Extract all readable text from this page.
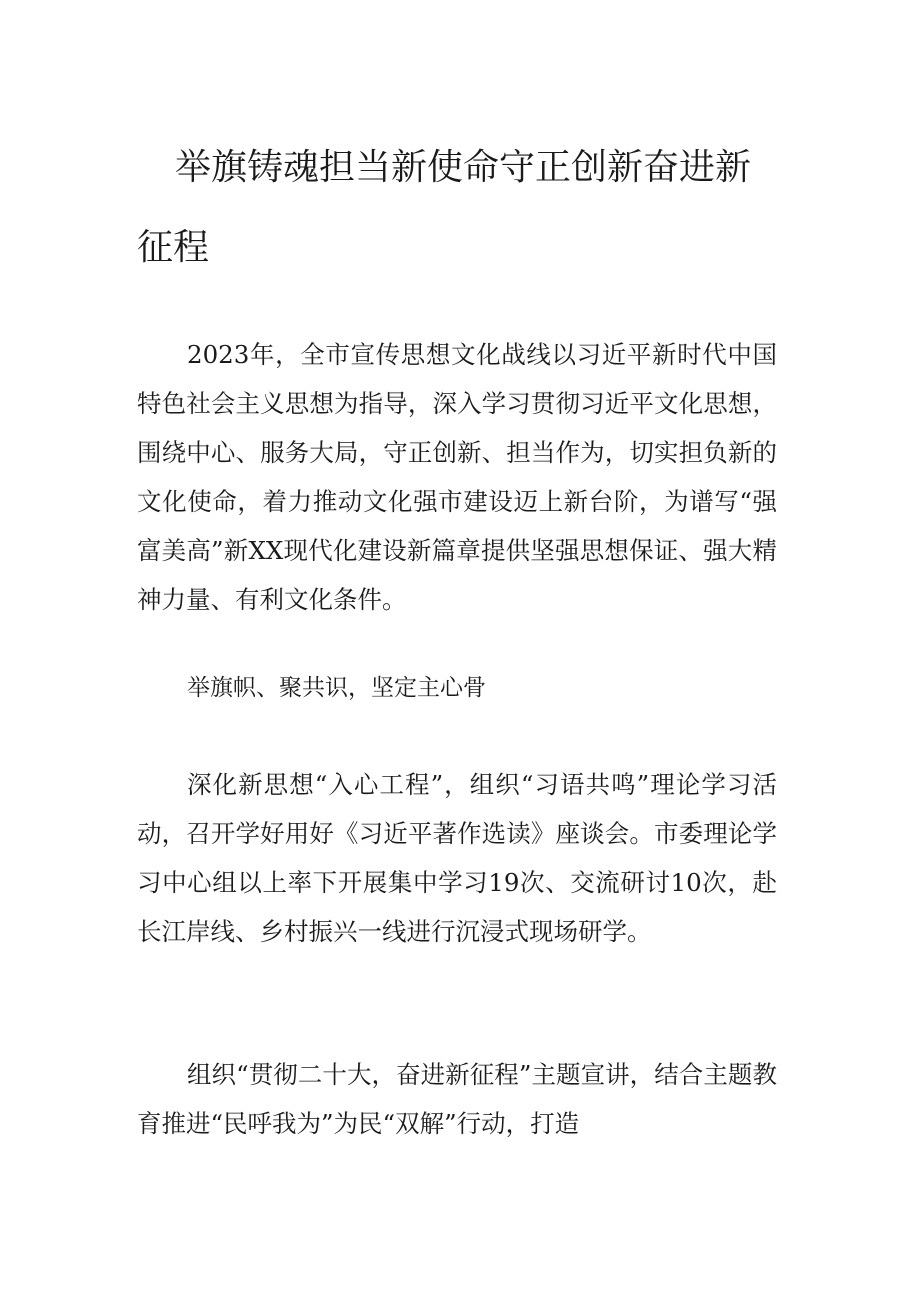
举旗铸魂担当新使命守正创新奋进新征程

2023年，全市宣传思想文化战线以习近平新时代中国特色社会主义思想为指导，深入学习贯彻习近平文化思想，围绕中心、服务大局，守正创新、担当作为，切实担负新的文化使命，着力推动文化强市建设迈上新台阶，为谱写“强富美高”新XX现代化建设新篇章提供坚强思想保证、强大精神力量、有利文化条件。

举旗帜、聚共识，坚定主心骨

深化新思想“入心工程”，组织“习语共鸣”理论学习活动，召开学好用好《习近平著作选读》座谈会。市委理论学习中心组以上率下开展集中学习19次、交流研讨10次，赴长江岸线、乡村振兴一线进行沉浸式现场研学。

组织“贯彻二十大，奋进新征程”主题宣讲，结合主题教育推进“民呼我为”为民“双解”行动，打造
